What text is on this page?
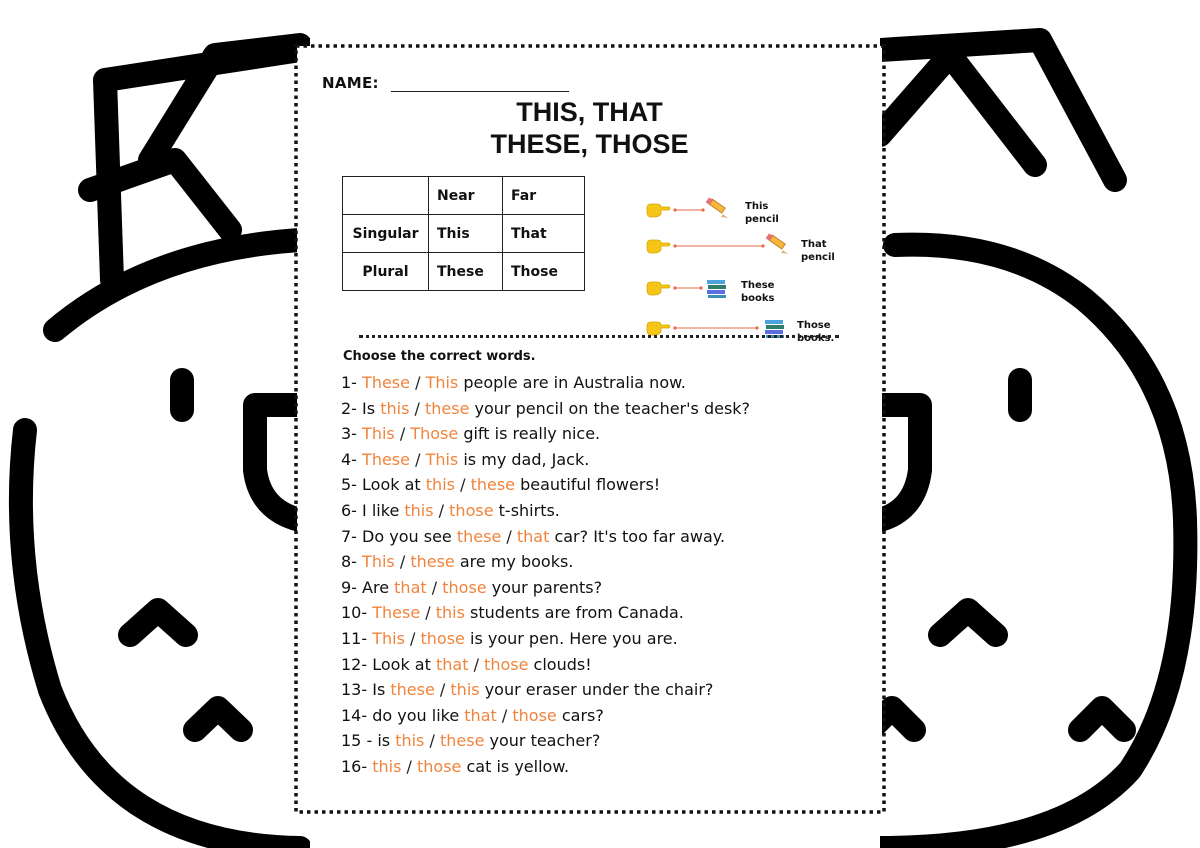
NAME:
THIS, THAT
THESE, THOSE
	Near	Far
Singular	This	That
Plural	These	Those
This
pencil
That
pencil
These
books
Those
books.
Choose the correct words.
1- These / This people are in Australia now.
2- Is this / these your pencil on the teacher's desk?
3- This / Those gift is really nice.
4- These / This is my dad, Jack.
5- Look at this / these beautiful flowers!
6- I like this / those t-shirts.
7- Do you see these / that car? It's too far away.
8- This / these are my books.
9- Are that / those your parents?
10- These / this students are from Canada.
11- This / those is your pen. Here you are.
12- Look at that / those clouds!
13- Is these / this your eraser under the chair?
14- do you like that / those cars?
15 - is this / these your teacher?
16- this / those cat is yellow.
